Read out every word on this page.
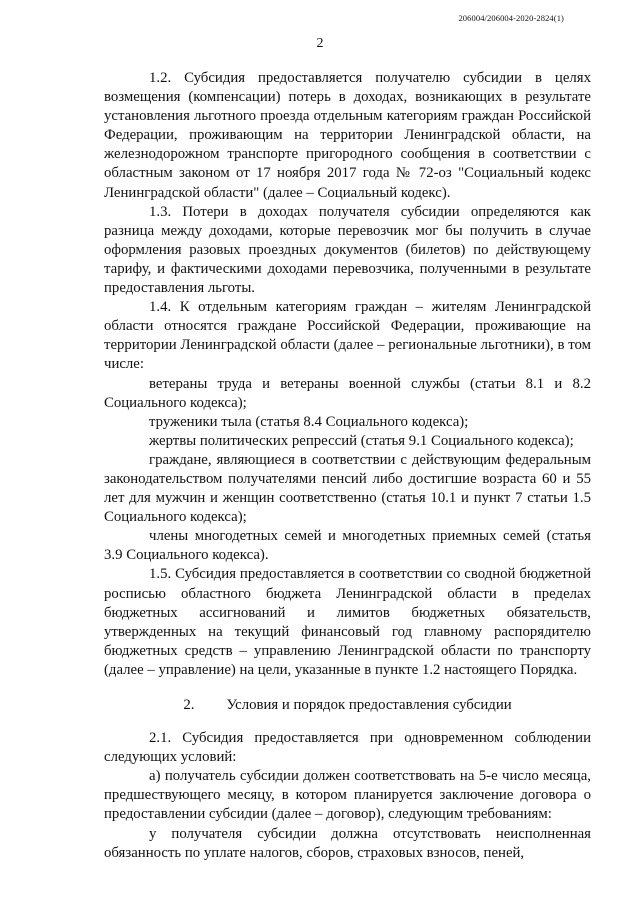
206004/206004-2020-2824(1)
2

1.2. Субсидия предоставляется получателю субсидии в целях возмещения (компенсации) потерь в доходах, возникающих в результате установления льготного проезда отдельным категориям граждан Российской Федерации, проживающим на территории Ленинградской области, на железнодорожном транспорте пригородного сообщения в соответствии с областным законом от 17 ноября 2017 года № 72-оз "Социальный кодекс Ленинградской области" (далее – Социальный кодекс).

1.3. Потери в доходах получателя субсидии определяются как разница между доходами, которые перевозчик мог бы получить в случае оформления разовых проездных документов (билетов) по действующему тарифу, и фактическими доходами перевозчика, полученными в результате предоставления льготы.

1.4. К отдельным категориям граждан – жителям Ленинградской области относятся граждане Российской Федерации, проживающие на территории Ленинградской области (далее – региональные льготники), в том числе:

ветераны труда и ветераны военной службы (статьи 8.1 и 8.2 Социального кодекса);

труженики тыла (статья 8.4 Социального кодекса);

жертвы политических репрессий (статья 9.1 Социального кодекса);

граждане, являющиеся в соответствии с действующим федеральным законодательством получателями пенсий либо достигшие возраста 60 и 55 лет для мужчин и женщин соответственно (статья 10.1 и пункт 7 статьи 1.5 Социального кодекса);

члены многодетных семей и многодетных приемных семей (статья 3.9 Социального кодекса).

1.5. Субсидия предоставляется в соответствии со сводной бюджетной росписью областного бюджета Ленинградской области в пределах бюджетных ассигнований и лимитов бюджетных обязательств, утвержденных на текущий финансовый год главному распорядителю бюджетных средств – управлению Ленинградской области по транспорту (далее – управление) на цели, указанные в пункте 1.2 настоящего Порядка.

2. Условия и порядок предоставления субсидии

2.1. Субсидия предоставляется при одновременном соблюдении следующих условий:

а) получатель субсидии должен соответствовать на 5-е число месяца, предшествующего месяцу, в котором планируется заключение договора о предоставлении субсидии (далее – договор), следующим требованиям:

у получателя субсидии должна отсутствовать неисполненная обязанность по уплате налогов, сборов, страховых взносов, пеней,
